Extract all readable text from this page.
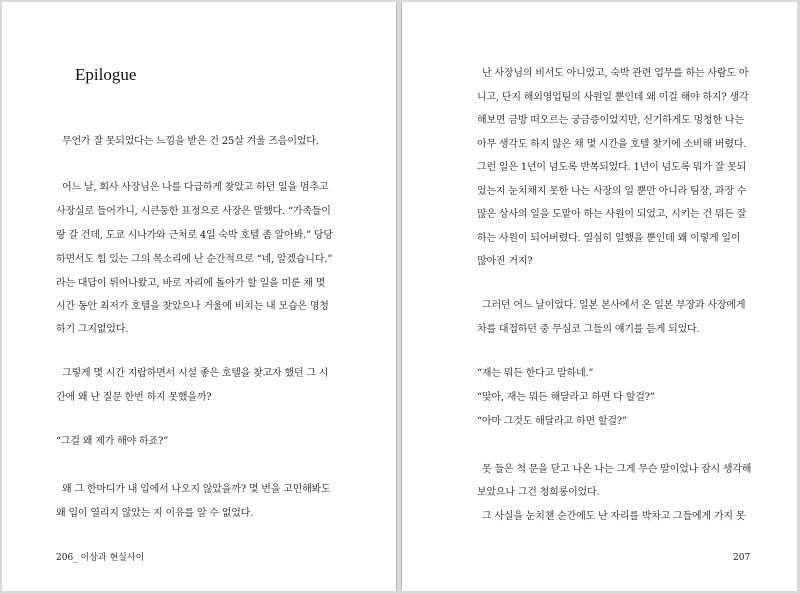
Epilogue
무언가 잘 못되었다는 느낌을 받은 건 25살 겨울 즈음이었다.
어느 날, 회사 사장님은 나를 다급하게 찾았고 하던 일을 멈추고
사장실로 들어가니, 시큰둥한 표정으로 사장은 말했다. “가족들이
랑 갈 건데, 도쿄 시나가와 근처로 4일 숙박 호텔 좀 알아봐.” 당당
하면서도 힘 있는 그의 목소리에 난 순간적으로 “네, 알겠습니다.”
라는 대답이 튀어나왔고, 바로 자리에 돌아가 할 일을 미룬 채 몇
시간 동안 최저가 호텔을 찾았으나 거울에 비치는 내 모습은 명청
하기 그지없었다.
그렇게 몇 시간 지랍하면서 시설 좋은 호텔을 찾고자 했던 그 시
간에 왜 난 질문 한번 하지 못했을까?
“그걸 왜 제가 해야 하죠?”
왜 그 한마디가 내 입에서 나오지 않았을까? 몇 번을 고민해봐도
왜 입이 열리지 않았는 지 이유를 알 수 없었다.
206_ 이상과 현실사이
난 사장님의 비서도 아니었고, 숙박 관련 업무를 하는 사람도 아
니고, 단지 해외영업팀의 사원일 뿐인데 왜 이걸 해야 하지? 생각
해보면 금방 떠오르는 궁금증이었지만, 신기하게도 멍청한 나는
아무 생각도 하지 않은 채 몇 시간을 호텔 찾기에 소비해 버렸다.
그런 일은 1년이 넘도록 반복되었다. 1년이 넘도록 뭐가 잘 못되
었는지 눈치채지 못한 나는 사장의 일 뿐만 아니라 팀장, 과장 수
많은 상사의 일을 도맡아 하는 사원이 되었고, 시키는 건 뭐든 잘
하는 사원이 되어버렸다. 열심히 일했을 뿐인데 왜 이렇게 일이
많아진 거지?
그러던 어느 날이었다. 일본 본사에서 온 일본 부장과 사장에게
차를 대접하던 중 무심코 그들의 얘기를 듣게 되었다.
“재는 뭐든 한다고 말하네.”
“맞아, 재는 뭐든 해달라고 하면 다 할걸?”
“아마 그것도 해달라고 하면 할걸?”
못 들은 척 문을 닫고 나온 나는 그게 무슨 말이었나 잠시 생각해
보았으나 그건 청희롱이었다.
그 사실을 눈치챈 순간에도 난 자리를 박차고 그들에게 가지 못
207
